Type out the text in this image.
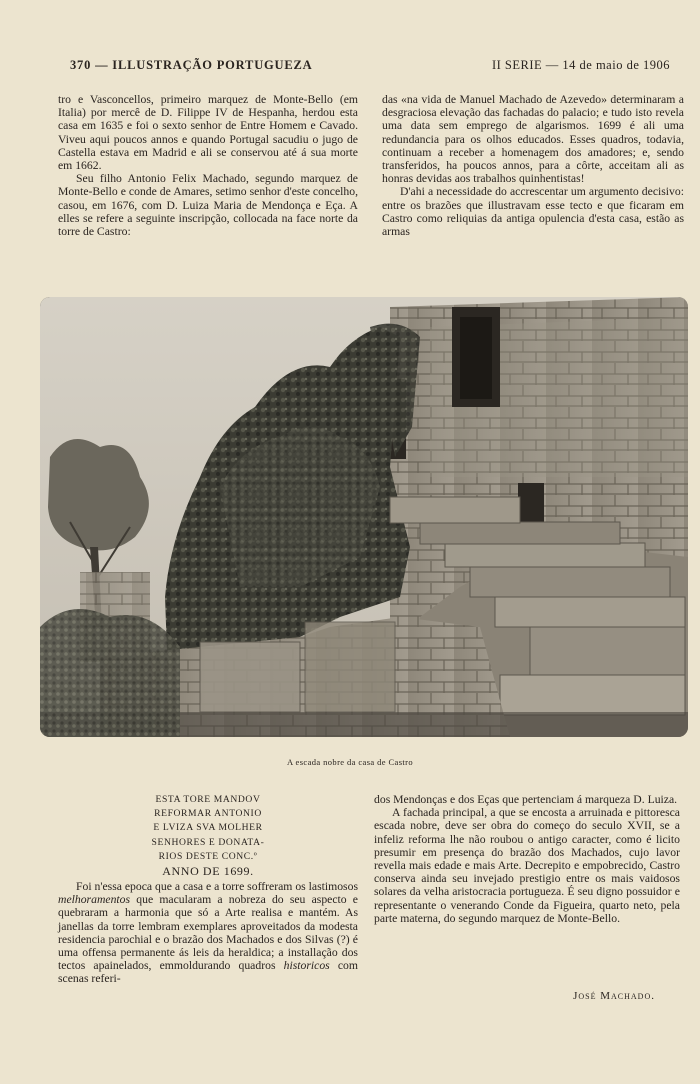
370 — ILLUSTRAÇÃO PORTUGUEZA	II SERIE — 14 de maio de 1906

tro e Vasconcellos, primeiro marquez de Monte-Bello (em Italia) por mercê de D. Filippe IV de Hespanha, herdou esta casa em 1635 e foi o sexto senhor de Entre Homem e Cavado. Viveu aqui poucos annos e quando Portugal sacudiu o jugo de Castella estava em Madrid e ali se conservou até á sua morte em 1662.

Seu filho Antonio Felix Machado, segundo marquez de Monte-Bello e conde de Amares, setimo senhor d'este concelho, casou, em 1676, com D. Luiza Maria de Mendonça e Eça. A elles se refere a seguinte inscripção, collocada na face norte da torre de Castro:

das «na vida de Manuel Machado de Azevedo» determinaram a desgraciosa elevação das fachadas do palacio; e tudo isto revela uma data sem emprego de algarismos. 1699 é ali uma redundancia para os olhos educados. Esses quadros, todavia, continuam a receber a homenagem dos amadores; e, sendo transferidos, ha poucos annos, para a côrte, acceitam ali as honras devidas aos trabalhos quinhentistas!

D'ahi a necessidade do accrescentar um argumento decisivo: entre os brazões que illustravam esse tecto e que ficaram em Castro como reliquias da antiga opulencia d'esta casa, estão as armas

A escada nobre da casa de Castro
ESTA TORE MANDOV
REFORMAR ANTONIO
E LVIZA SVA MOLHER
SENHORES E DONATA-
RIOS DESTE CONC.º
ANNO DE 1699.

Foi n'essa epoca que a casa e a torre soffreram os lastimosos melhoramentos que macularam a nobreza do seu aspecto e quebraram a harmonia que só a Arte realisa e mantém. As janellas da torre lembram exemplares aproveitados da modesta residencia parochial e o brazão dos Machados e dos Silvas (?) é uma offensa permanente ás leis da heraldica; a installação dos tectos apainelados, emmoldurando quadros historicos com scenas referi-

dos Mendonças e dos Eças que pertenciam á marqueza D. Luiza.

A fachada principal, a que se encosta a arruinada e pittoresca escada nobre, deve ser obra do começo do seculo XVII, se a infeliz reforma lhe não roubou o antigo caracter, como é licito presumir em presença do brazão dos Machados, cujo lavor revella mais edade e mais Arte. Decrepito e empobrecido, Castro conserva ainda seu invejado prestigio entre os mais vaidosos solares da velha aristocracia portugueza. É seu digno possuidor e representante o venerando Conde da Figueira, quarto neto, pela parte materna, do segundo marquez de Monte-Bello.

José Machado.
